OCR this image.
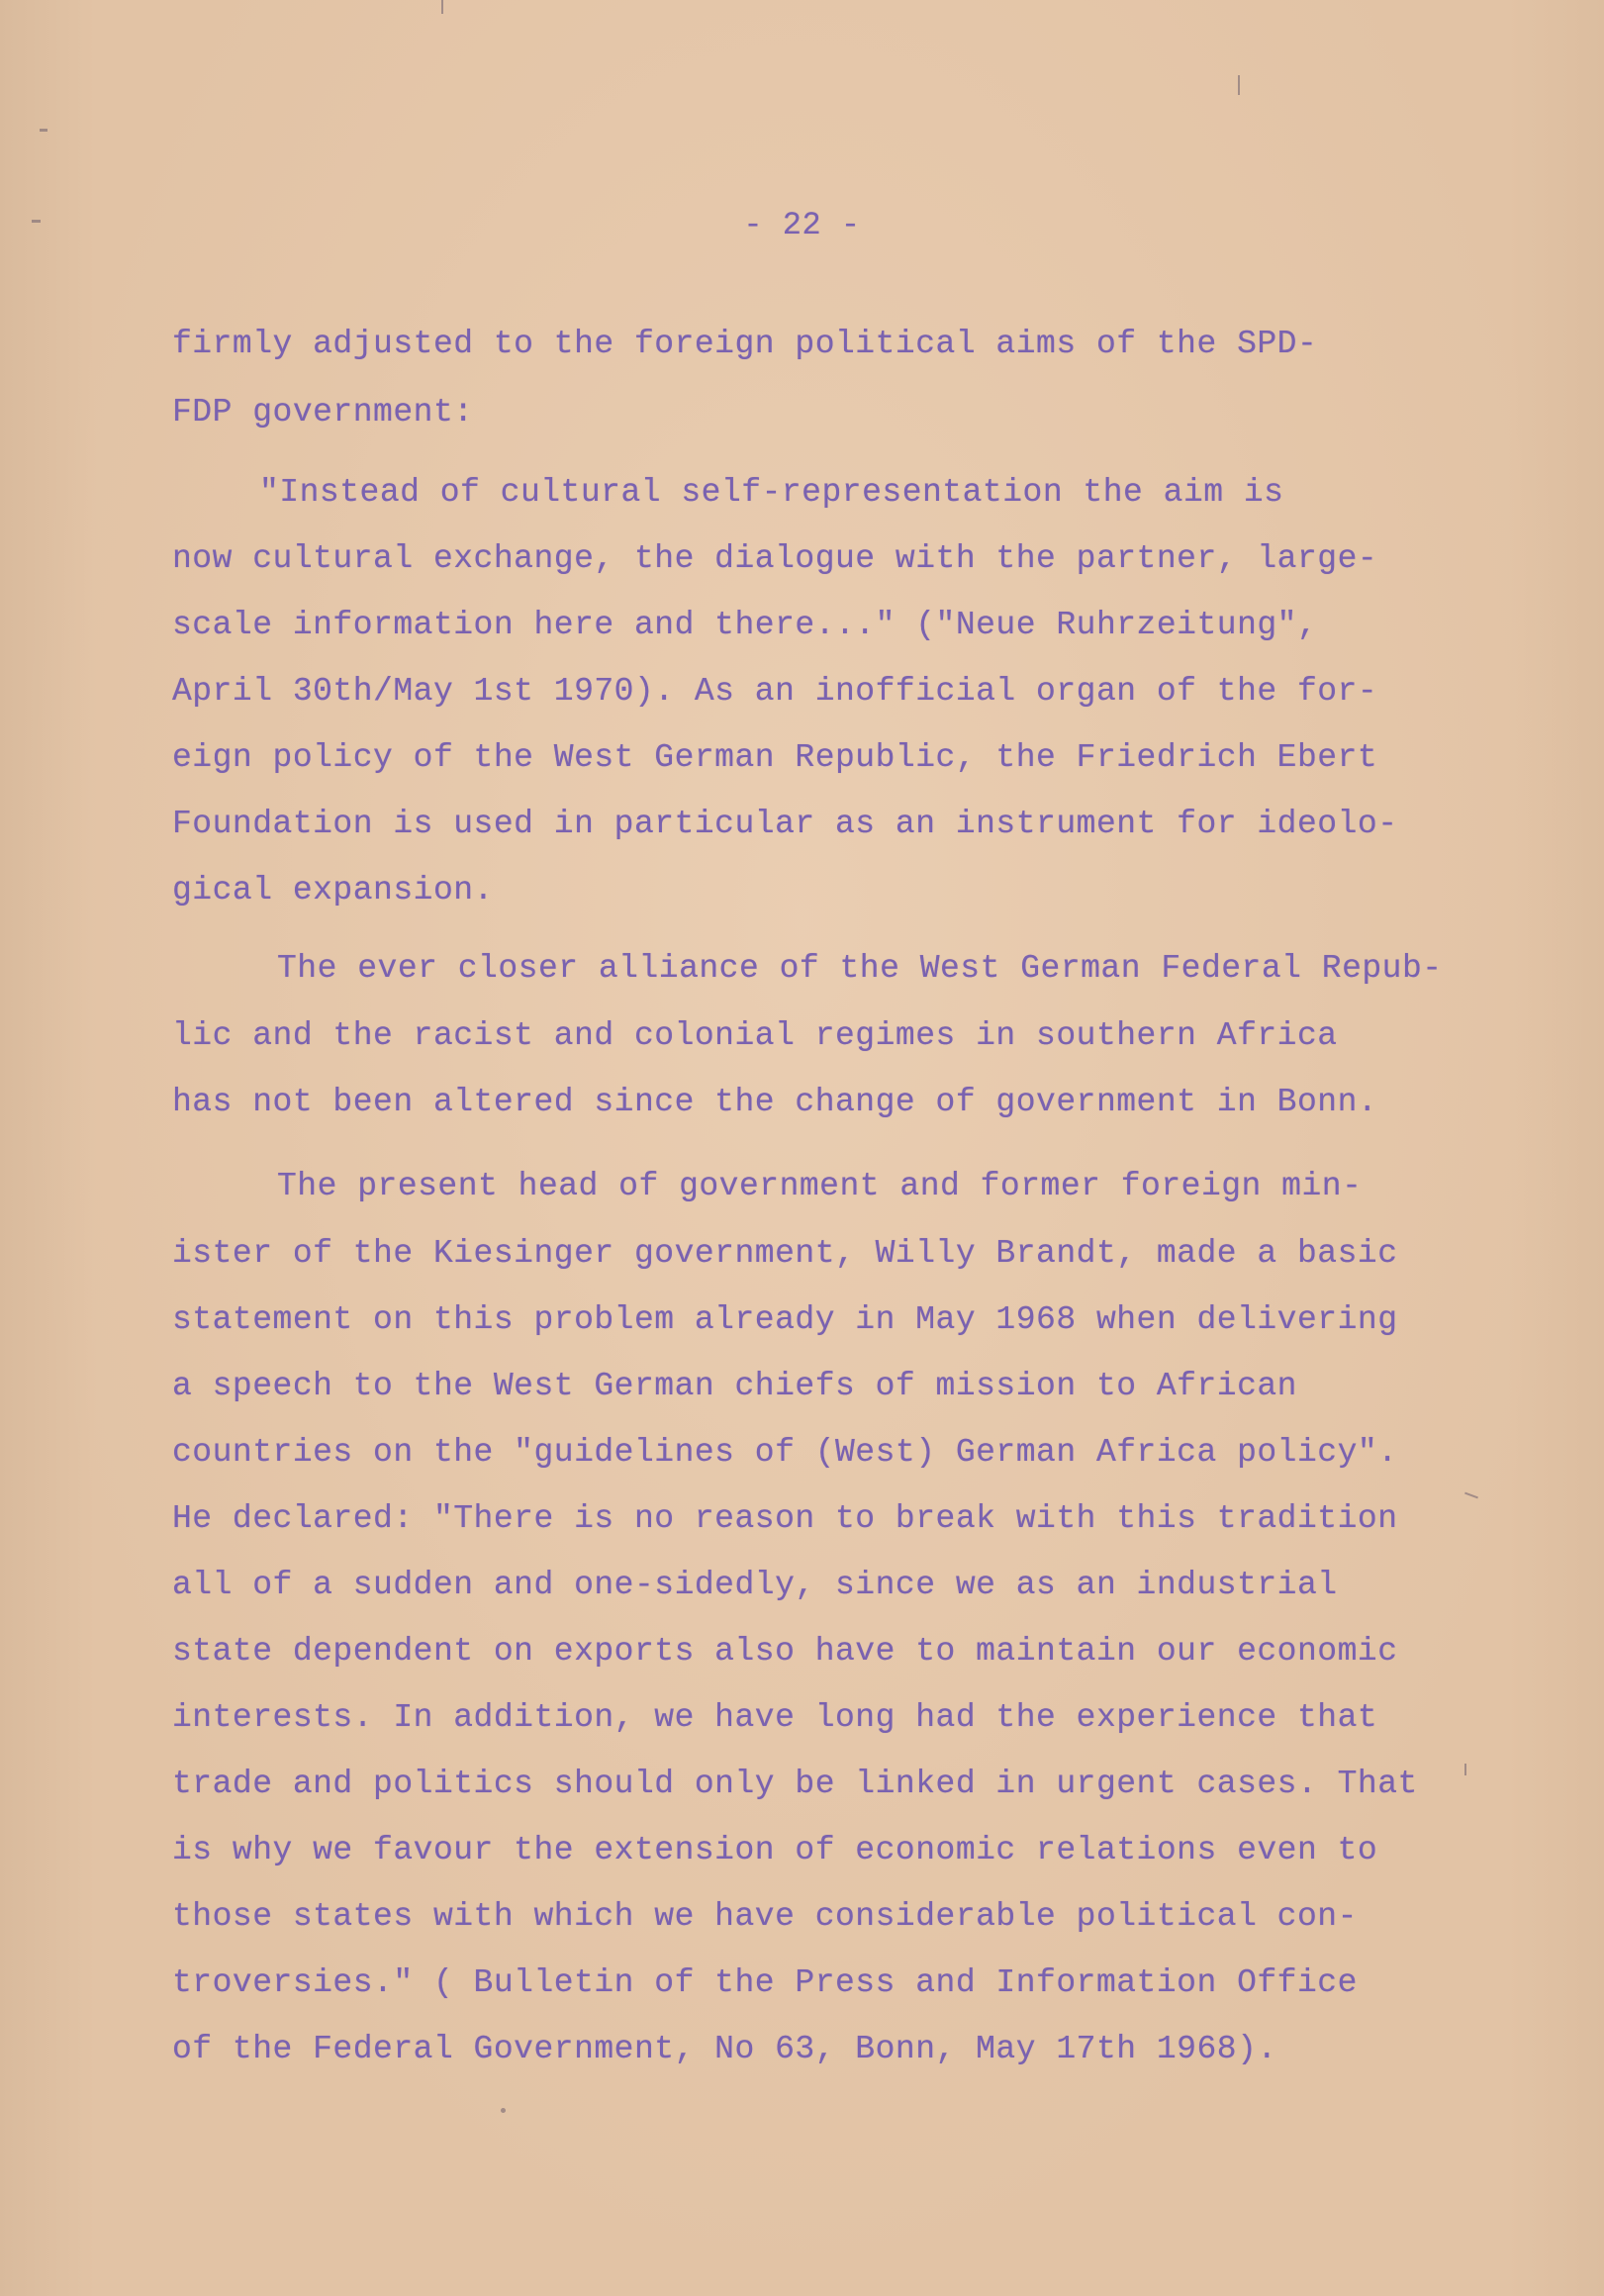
- 22 -

firmly adjusted to the foreign political aims of the SPD-

FDP government:

"Instead of cultural self-representation the aim is

now cultural exchange, the dialogue with the partner, large-

scale information here and there..." ("Neue Ruhrzeitung",

April 30th/May 1st 1970). As an inofficial organ of the for-

eign policy of the West German Republic, the Friedrich Ebert

Foundation is used in particular as an instrument for ideolo-

gical expansion.

The ever closer alliance of the West German Federal Repub-

lic and the racist and colonial regimes in southern Africa

has not been altered since the change of government in Bonn.

The present head of government and former foreign min-

ister of the Kiesinger government, Willy Brandt, made a basic

statement on this problem already in May 1968 when delivering

a speech to the West German chiefs of mission to African

countries on the "guidelines of (West) German Africa policy".

He declared: "There is no reason to break with this tradition

all of a sudden and one-sidedly, since we as an industrial

state dependent on exports also have to maintain our economic

interests. In addition, we have long had the experience that

trade and politics should only be linked in urgent cases. That

is why we favour the extension of economic relations even to

those states with which we have considerable political con-

troversies." ( Bulletin of the Press and Information Office

of the Federal Government, No 63, Bonn, May 17th 1968).
